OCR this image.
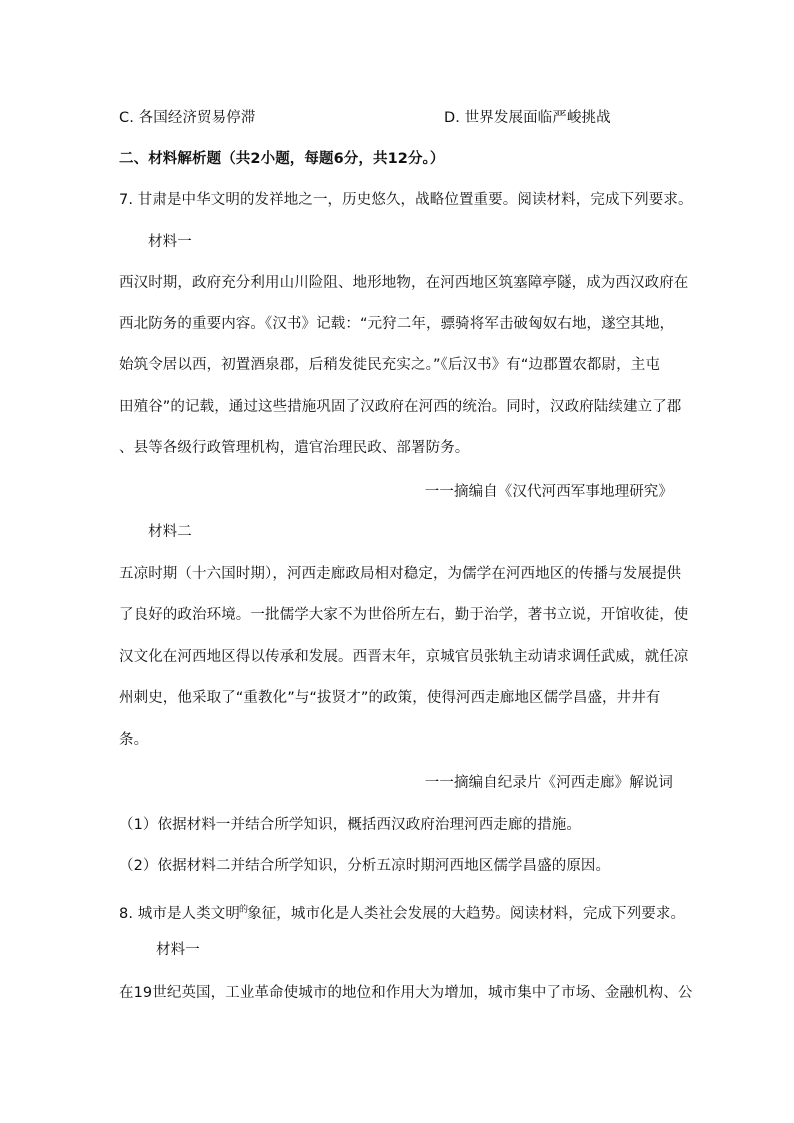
C. 各国经济贸易停滞	D. 世界发展面临严峻挑战
二、材料解析题（共2小题，每题6分，共12分。）
7. 甘肃是中华文明的发祥地之一，历史悠久，战略位置重要。阅读材料，完成下列要求。
材料一
西汉时期，政府充分利用山川险阻、地形地物，在河西地区筑塞障亭隧，成为西汉政府在
西北防务的重要内容。《汉书》记载：“元狩二年，骠骑将军击破匈奴右地，遂空其地，
始筑令居以西，初置酒泉郡，后稍发徙民充实之。”《后汉书》有“边郡置农都尉，主屯
田殖谷”的记载，通过这些措施巩固了汉政府在河西的统治。同时，汉政府陆续建立了郡
、县等各级行政管理机构，遣官治理民政、部署防务。
一一摘编自《汉代河西军事地理研究》
材料二
五凉时期（十六国时期），河西走廊政局相对稳定，为儒学在河西地区的传播与发展提供
了良好的政治环境。一批儒学大家不为世俗所左右，勤于治学，著书立说，开馆收徒，使
汉文化在河西地区得以传承和发展。西晋末年，京城官员张轨主动请求调任武威，就任凉
州刺史，他采取了“重教化”与“拔贤才”的政策，使得河西走廊地区儒学昌盛，井井有
条。
一一摘编自纪录片《河西走廊》解说词
（1）依据材料一并结合所学知识，概括西汉政府治理河西走廊的措施。
（2）依据材料二并结合所学知识，分析五凉时期河西地区儒学昌盛的原因。
8. 城市是人类文明$^的$象征，城市化是人类社会发展的大趋势。阅读材料，完成下列要求。
材料一
在19世纪英国，工业革命使城市的地位和作用大为增加，城市集中了市场、金融机构、公
